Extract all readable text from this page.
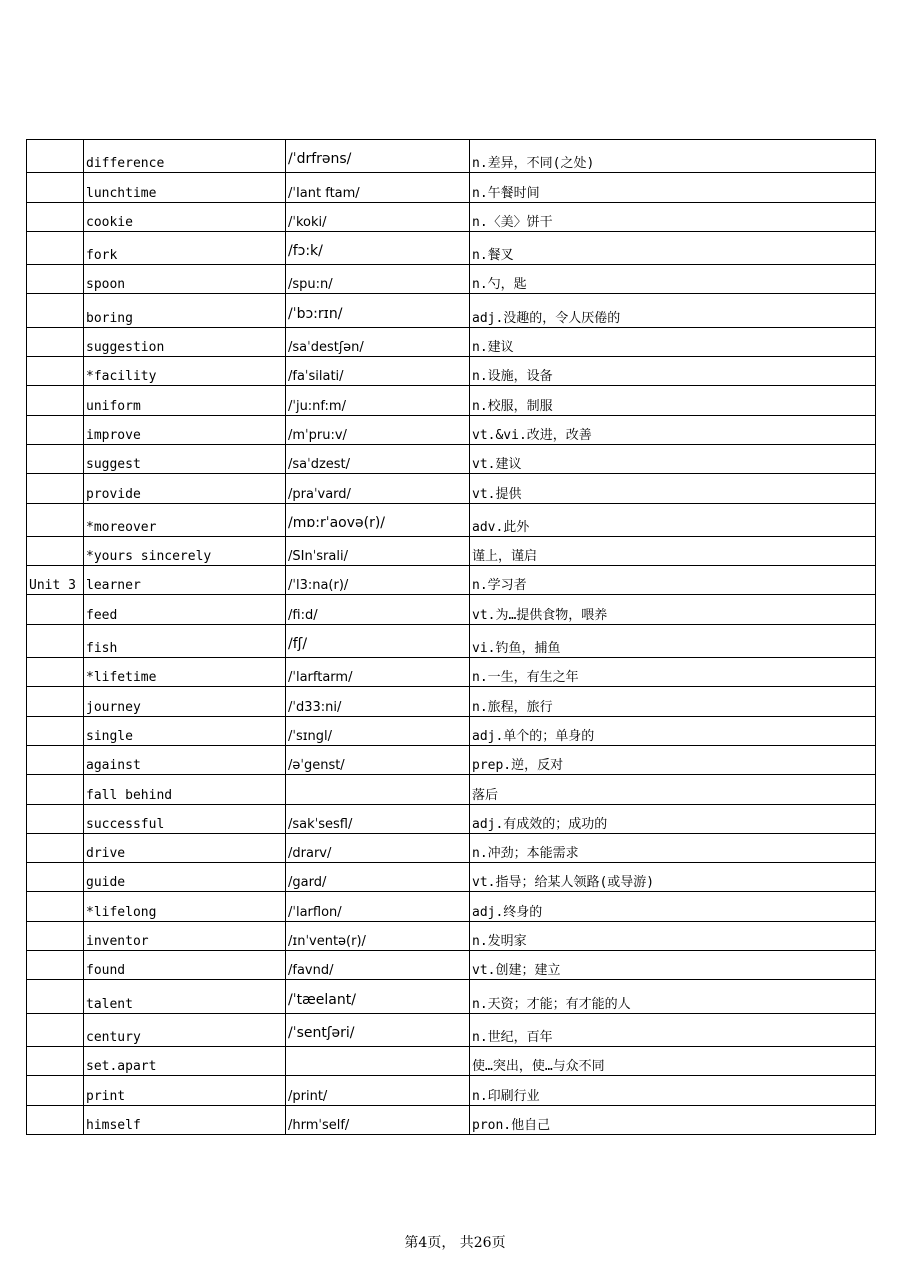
	difference	/ˈdrfrəns/	n.差异，不同(之处)
	lunchtime	/ˈIant ftam/	n.午餐时间
	cookie	/ˈkoki/	n.〈美〉饼干
	fork	/fɔ:k/	n.餐叉
	spoon	/spu:n/	n.勺，匙
	boring	/ˈbɔ:rɪn/	adj.没趣的，令人厌倦的
	suggestion	/saˈdestʃən/	n.建议
	*facility	/faˈsilati/	n.设施，设备
	uniform	/ˈju:nf:m/	n.校服，制服
	improve	/mˈpru:v/	vt.&vi.改进，改善
	suggest	/saˈdzest/	vt.建议
	provide	/praˈvard/	vt.提供
	*moreover	/mɒ:rˈaovə(r)/	adv.此外
	*yours sincerely	/SInˈsrali/	谨上，谨启
Unit 3	learner	/ˈl3:na(r)/	n.学习者
	feed	/fi:d/	vt.为…提供食物，喂养
	fish	/fʃ/	vi.钓鱼，捕鱼
	*lifetime	/ˈlarftarm/	n.一生，有生之年
	journey	/ˈd33:ni/	n.旅程，旅行
	single	/ˈsɪngl/	adj.单个的；单身的
	against	/əˈgenst/	prep.逆，反对
	fall behind		落后
	successful	/sakˈsesfl/	adj.有成效的；成功的
	drive	/drarv/	n.冲劲；本能需求
	guide	/gard/	vt.指导；给某人领路(或导游)
	*lifelong	/ˈlarflon/	adj.终身的
	inventor	/ɪnˈventə(r)/	n.发明家
	found	/favnd/	vt.创建；建立
	talent	/ˈtæelant/	n.天资；才能；有才能的人
	century	/ˈsentʃəri/	n.世纪，百年
	set.apart		使…突出，使…与众不同
	print	/print/	n.印刷行业
	himself	/hrmˈself/	pron.他自己
第4页， 共26页
